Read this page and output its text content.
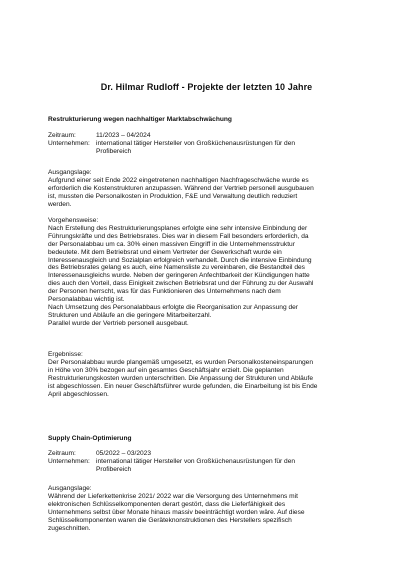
Dr. Hilmar Rudloff - Projekte der letzten 10 Jahre
Restrukturierung wegen nachhaltiger Marktabschwächung
Zeitraum:	11/2023 – 04/2024
Unternehmen: international tätiger Hersteller von Großküchenausrüstungen für den
Profibereich

Ausgangslage:

Aufgrund einer seit Ende 2022 eingetretenen nachhaltigen Nachfrageschwäche wurde es

erforderlich die Kostenstrukturen anzupassen. Während der Vertrieb personell ausgubauen

ist, mussten die Personalkosten in Produktion, F&E und Verwaltung deutlich reduziert

werden.

Vorgehensweise:

Nach Erstellung des Restrukturierungsplanes erfolgte eine sehr intensive Einbindung der

Führungskräfte und des Betriebsrates. Dies war in diesem Fall besonders erforderlich, da

der Personalabbau um ca. 30% einen massiven Eingriff in die Unternehmensstruktur

bedeutete. Mit dem Betriebsrat und einem Vertreter der Gewerkschaft wurde ein

Interessenausgleich und Sozialplan erfolgreich verhandelt. Durch die intensive Einbindung

des Betriebsrates gelang es auch, eine Namensliste zu vereinbaren, die Bestandteil des

Interessenausgleichs wurde. Neben der geringeren Anfechtbarkeit der Kündigungen hatte

dies auch den Vorteil, dass Einigkeit zwischen Betriebsrat und der Führung zu der Auswahl

der Personen herrscht, was für das Funktionieren des Unternehmens nach dem

Personalabbau wichtig ist.

Nach Umsetzung des Personalabbaus erfolgte die Reorganisation zur Anpassung der

Strukturen und Abläufe an die geringere Mitarbeiterzahl.

Parallel wurde der Vertrieb personell ausgebaut.

Ergebnisse:

Der Personalabbau wurde plangemäß umgesetzt, es wurden Personalkosteneinsparungen

in Höhe von 30% bezogen auf ein gesamtes Geschäftsjahr erzielt. Die geplanten

Restrukturierungskosten wurden unterschritten. Die Anpassung der Strukturen und Abläufe

ist abgeschlossen. Ein neuer Geschäftsführer wurde gefunden, die Einarbeitung ist bis Ende

April abgeschlossen.

Supply Chain-Optimierung
Zeitraum:	05/2022 – 03/2023
Unternehmen: international tätiger Hersteller von Großküchenausrüstungen für den
Profibereich

Ausgangslage:

Während der Lieferkettenkrise 2021/ 2022 war die Versorgung des Unternehmens mit

elektronischen Schlüsselkomponenten derart gestört, dass die Lieferfähigkeit des

Unternehmens selbst über Monate hinaus massiv beeinträchtigt worden wäre. Auf diese

Schlüsselkomponenten waren die Geräteknonstruktionen des Herstellers spezifisch

zugeschnitten.
